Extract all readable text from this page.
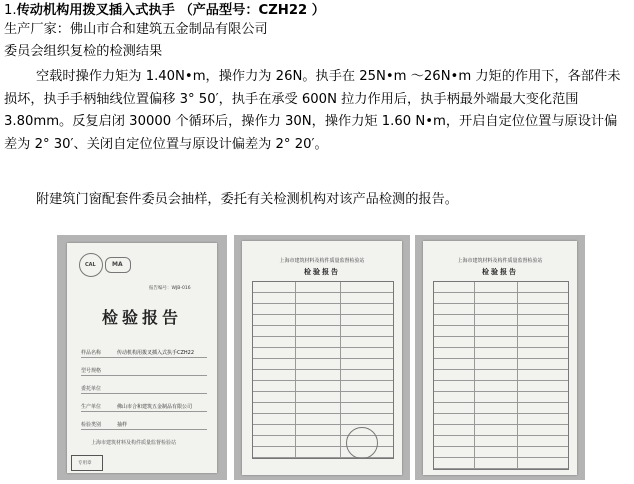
1.传动机构用拨叉插入式执手 （产品型号：CZH22 ）
生产厂家：佛山市合和建筑五金制品有限公司
委员会组织复检的检测结果

空载时操作力矩为 1.40N•m，操作力为 26N。执手在 25N•m ～26N•m 力矩的作用下，各部件未损坏，执手手柄轴线位置偏移 3° 50′，执手在承受 600N 拉力作用后，执手柄最外端最大变化范围 3.80mm。反复启闭 30000 个循环后，操作力 30N，操作力矩 1.60 N•m，开启自定位位置与原设计偏差为 2° 30′、关闭自定位位置与原设计偏差为 2° 20′。

附建筑门窗配套件委员会抽样，委托有关检测机构对该产品检测的报告。
CAL	MA
报告编号：WJB-016
检验报告
样品名称	传动机构用拨叉插入式执手CZH22
型号规格
委托单位
生产单位	佛山市合和建筑五金制品有限公司
检验类别	抽样
上海市建筑材料及构件质量监督检验站
专用章
上海市建筑材料及构件质量监督检验站
检验报告
上海市建筑材料及构件质量监督检验站
检验报告
